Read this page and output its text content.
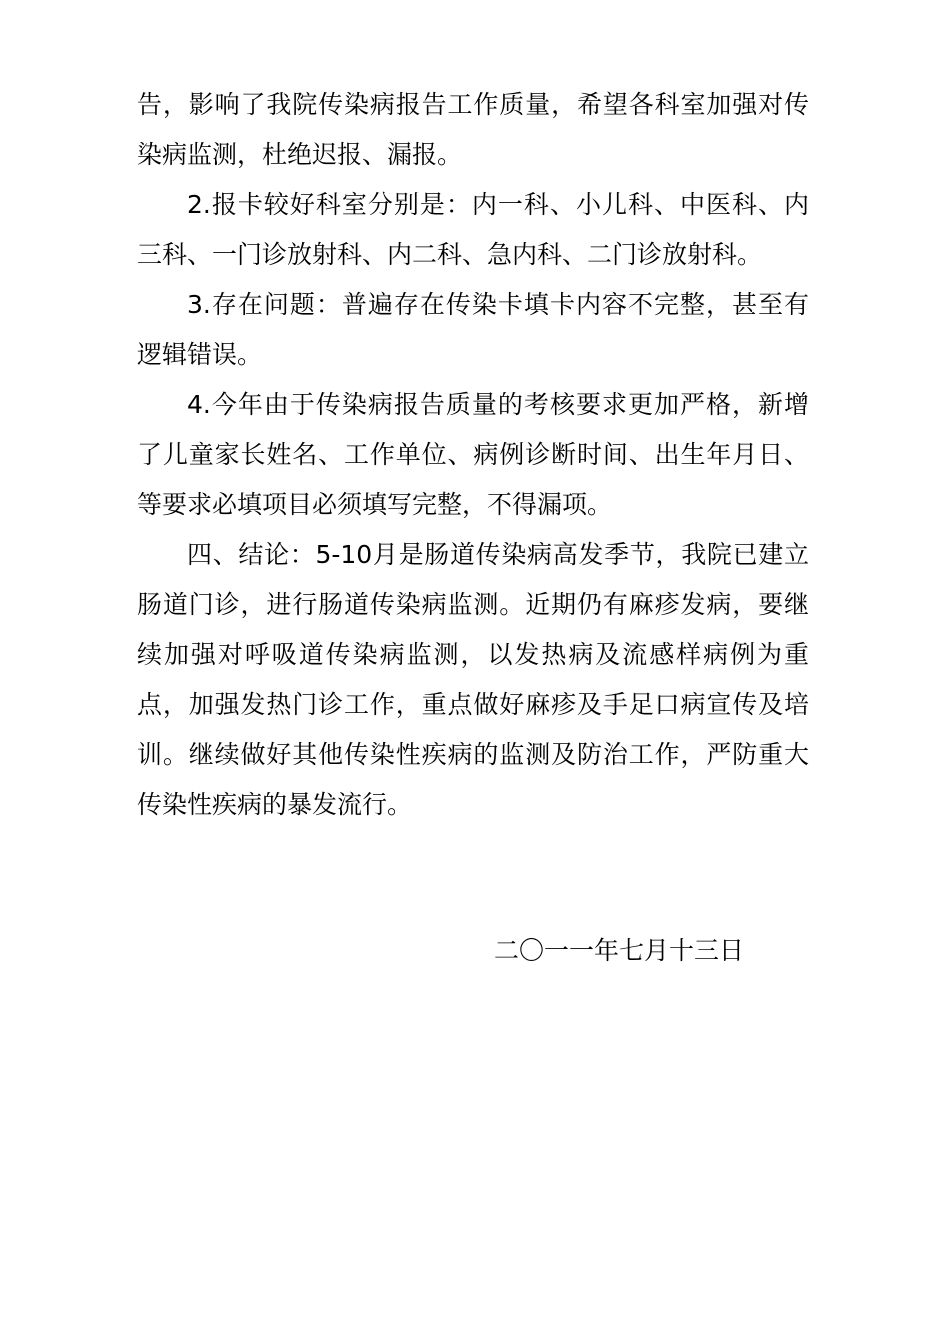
告，影响了我院传染病报告工作质量，希望各科室加强对传染病监测，杜绝迟报、漏报。

2.报卡较好科室分别是：内一科、小儿科、中医科、内三科、一门诊放射科、内二科、急内科、二门诊放射科。

3.存在问题：普遍存在传染卡填卡内容不完整，甚至有逻辑错误。

4.今年由于传染病报告质量的考核要求更加严格，新增了儿童家长姓名、工作单位、病例诊断时间、出生年月日、等要求必填项目必须填写完整，不得漏项。

四、结论：5-10月是肠道传染病高发季节，我院已建立肠道门诊，进行肠道传染病监测。近期仍有麻疹发病，要继续加强对呼吸道传染病监测，以发热病及流感样病例为重点，加强发热门诊工作，重点做好麻疹及手足口病宣传及培训。继续做好其他传染性疾病的监测及防治工作，严防重大传染性疾病的暴发流行。

二〇一一年七月十三日
